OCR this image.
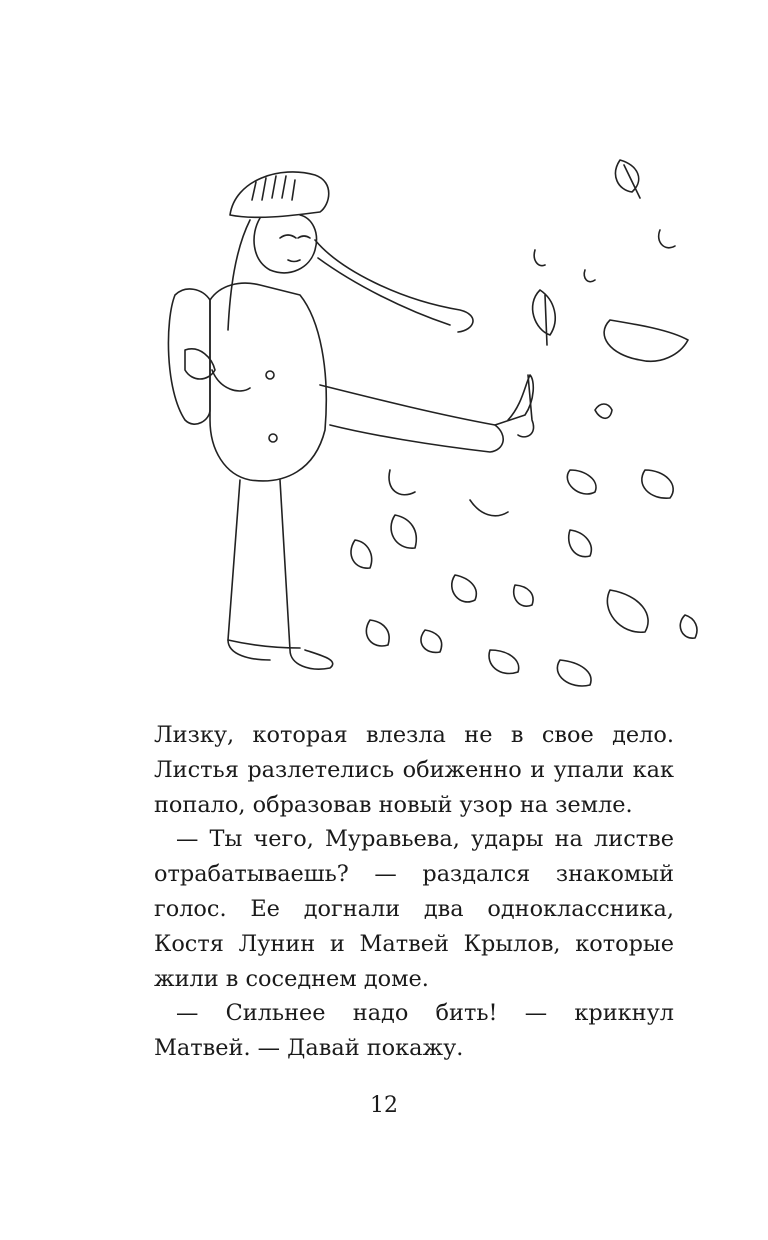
Лизку, которая влезла не в свое дело. Листья разлетелись обиженно и упали как попало, образовав новый узор на земле.

— Ты чего, Муравьева, удары на листве отрабатываешь? — раздался знакомый голос. Ее догнали два одноклассника, Костя Лунин и Матвей Крылов, которые жили в соседнем доме.

— Сильнее надо бить! — крикнул Матвей. — Давай покажу.

12
